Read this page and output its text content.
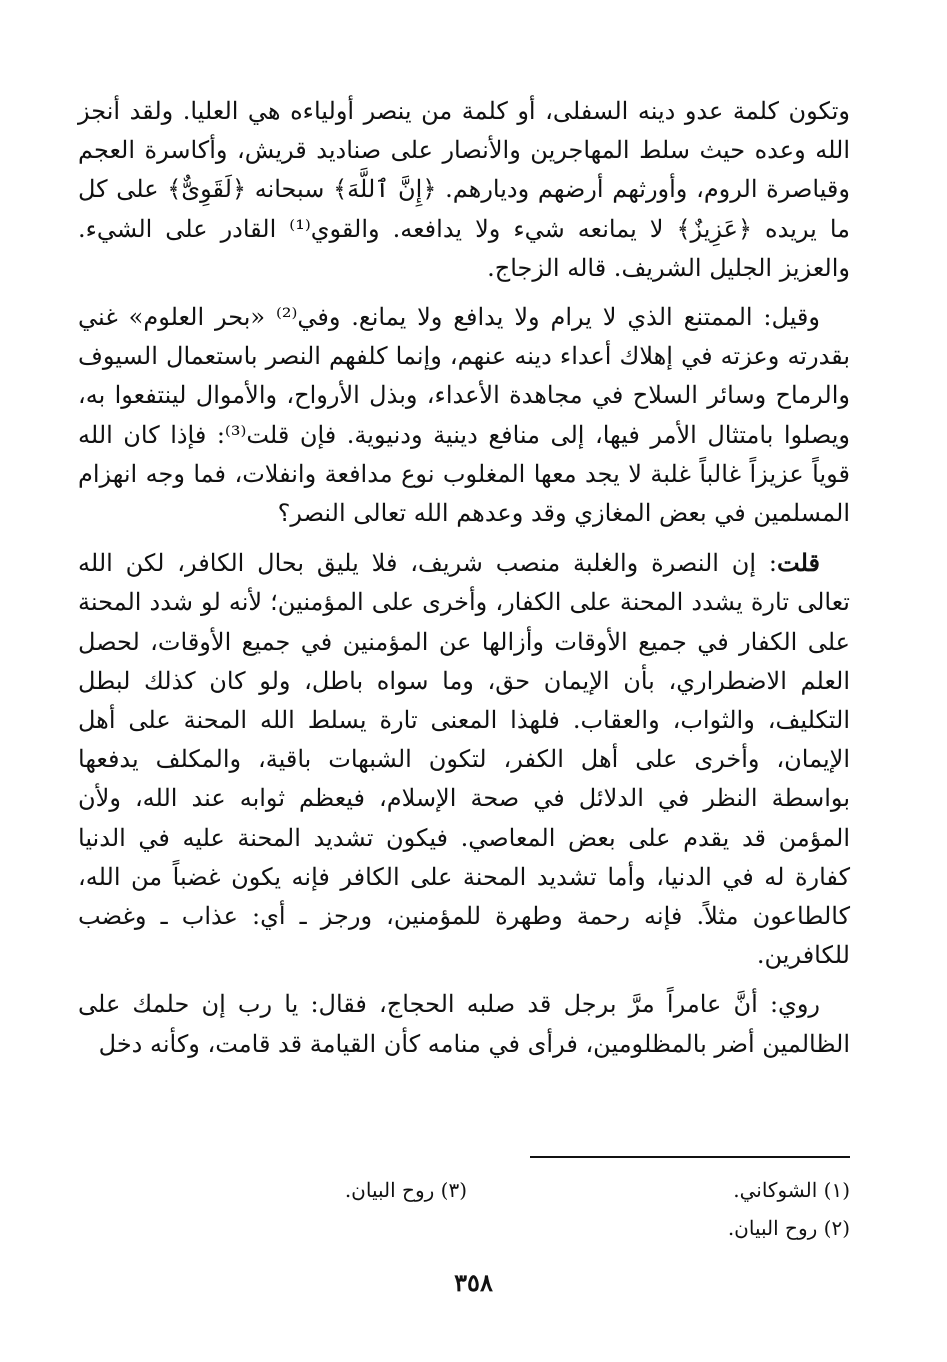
وتكون كلمة عدو دينه السفلى، أو كلمة من ينصر أولياءه هي العليا. ولقد أنجز الله وعده حيث سلط المهاجرين والأنصار على صناديد قريش، وأكاسرة العجم وقياصرة الروم، وأورثهم أرضهم وديارهم. ﴿إِنَّ ٱللَّهَ﴾ سبحانه ﴿لَقَوِىٌّ﴾ على كل ما يريده ﴿عَزِيزٌ﴾ لا يمانعه شيء ولا يدافعه. والقوي⁽¹⁾ القادر على الشيء. والعزيز الجليل الشريف. قاله الزجاج.

وقيل: الممتنع الذي لا يرام ولا يدافع ولا يمانع. وفي⁽²⁾ «بحر العلوم» غني بقدرته وعزته في إهلاك أعداء دينه عنهم، وإنما كلفهم النصر باستعمال السيوف والرماح وسائر السلاح في مجاهدة الأعداء، وبذل الأرواح، والأموال لينتفعوا به، ويصلوا بامتثال الأمر فيها، إلى منافع دينية ودنيوية. فإن قلت⁽³⁾: فإذا كان الله قوياً عزيزاً غالباً غلبة لا يجد معها المغلوب نوع مدافعة وانفلات، فما وجه انهزام المسلمين في بعض المغازي وقد وعدهم الله تعالى النصر؟

قلت: إن النصرة والغلبة منصب شريف، فلا يليق بحال الكافر، لكن الله تعالى تارة يشدد المحنة على الكفار، وأخرى على المؤمنين؛ لأنه لو شدد المحنة على الكفار في جميع الأوقات وأزالها عن المؤمنين في جميع الأوقات، لحصل العلم الاضطراري، بأن الإيمان حق، وما سواه باطل، ولو كان كذلك لبطل التكليف، والثواب، والعقاب. فلهذا المعنى تارة يسلط الله المحنة على أهل الإيمان، وأخرى على أهل الكفر، لتكون الشبهات باقية، والمكلف يدفعها بواسطة النظر في الدلائل في صحة الإسلام، فيعظم ثوابه عند الله، ولأن المؤمن قد يقدم على بعض المعاصي. فيكون تشديد المحنة عليه في الدنيا كفارة له في الدنيا، وأما تشديد المحنة على الكافر فإنه يكون غضباً من الله، كالطاعون مثلاً. فإنه رحمة وطهرة للمؤمنين، ورجز ـ أي: عذاب ـ وغضب للكافرين.

روي: أنَّ عامراً مرَّ برجل قد صلبه الحجاج، فقال: يا رب إن حلمك على الظالمين أضر بالمظلومين، فرأى في منامه كأن القيامة قد قامت، وكأنه دخل

(١) الشوكاني.
(٣) روح البيان.
(٢) روح البيان.
٣٥٨
